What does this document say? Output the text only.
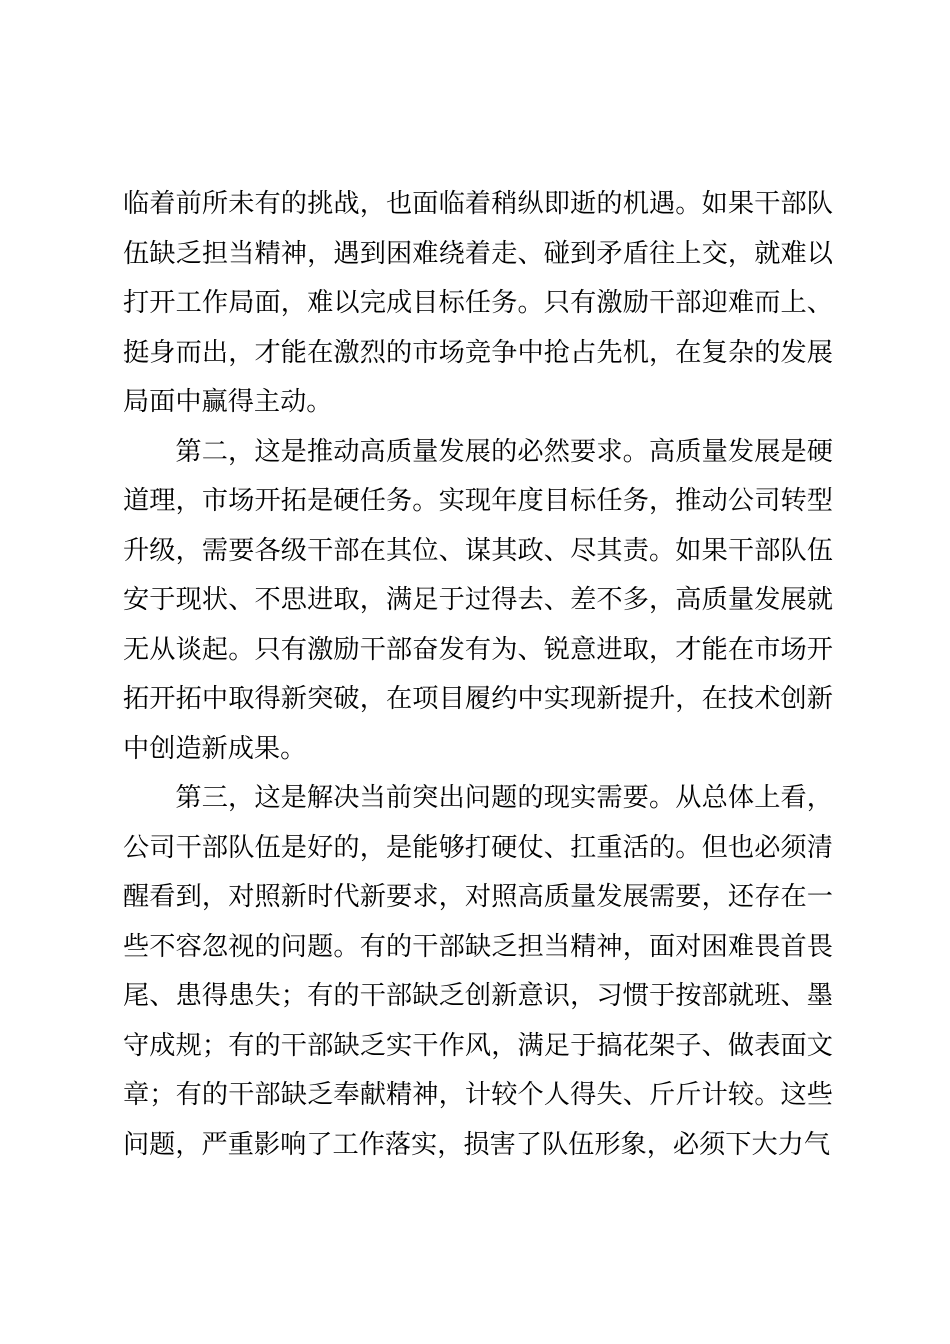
临着前所未有的挑战，也面临着稍纵即逝的机遇。如果干部队伍缺乏担当精神，遇到困难绕着走、碰到矛盾往上交，就难以打开工作局面，难以完成目标任务。只有激励干部迎难而上、挺身而出，才能在激烈的市场竞争中抢占先机，在复杂的发展局面中赢得主动。

第二，这是推动高质量发展的必然要求。高质量发展是硬道理，市场开拓是硬任务。实现年度目标任务，推动公司转型升级，需要各级干部在其位、谋其政、尽其责。如果干部队伍安于现状、不思进取，满足于过得去、差不多，高质量发展就无从谈起。只有激励干部奋发有为、锐意进取，才能在市场开拓开拓中取得新突破，在项目履约中实现新提升，在技术创新中创造新成果。

第三，这是解决当前突出问题的现实需要。从总体上看，公司干部队伍是好的，是能够打硬仗、扛重活的。但也必须清醒看到，对照新时代新要求，对照高质量发展需要，还存在一些不容忽视的问题。有的干部缺乏担当精神，面对困难畏首畏尾、患得患失；有的干部缺乏创新意识，习惯于按部就班、墨守成规；有的干部缺乏实干作风，满足于搞花架子、做表面文章；有的干部缺乏奉献精神，计较个人得失、斤斤计较。这些问题，严重影响了工作落实，损害了队伍形象，必须下大力气
